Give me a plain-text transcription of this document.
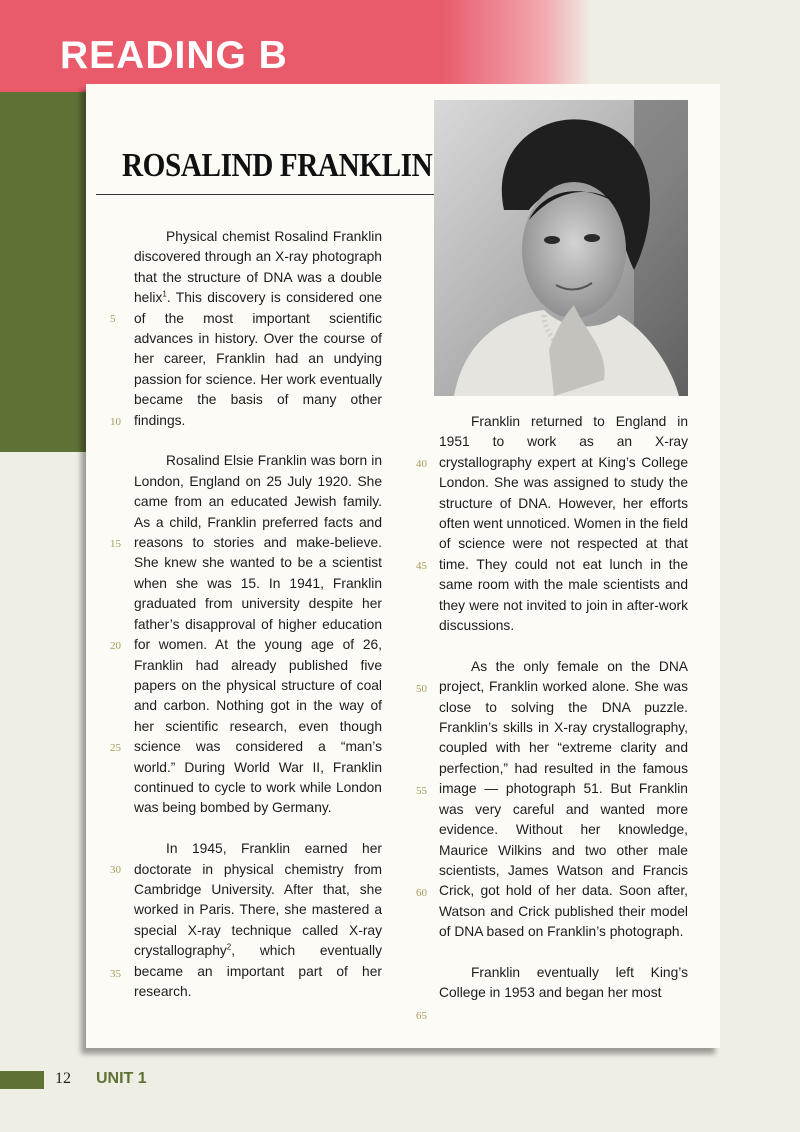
READING B
ROSALIND FRANKLIN

Physical chemist Rosalind Franklin discovered through an X-ray photograph that the structure of DNA was a double helix$^1$. This discovery is considered one of the most important scientific advances in history. Over the course of her career, Franklin had an undying passion for science. Her work eventually became the basis of many other findings.

Rosalind Elsie Franklin was born in London, England on 25 July 1920. She came from an educated Jewish family. As a child, Franklin preferred facts and reasons to stories and make-believe. She knew she wanted to be a scientist when she was 15. In 1941, Franklin graduated from university despite her father’s disapproval of higher education for women. At the young age of 26, Franklin had already published five papers on the physical structure of coal and carbon. Nothing got in the way of her scientific research, even though science was considered a “man’s world.” During World War II, Franklin continued to cycle to work while London was being bombed by Germany.

In 1945, Franklin earned her doctorate in physical chemistry from Cambridge University. After that, she worked in Paris. There, she mastered a special X-ray technique called X-ray crystallography$^2$, which eventually became an important part of her research.

Franklin returned to England in 1951 to work as an X-ray crystallography expert at King’s College London. She was assigned to study the structure of DNA. However, her efforts often went unnoticed. Women in the field of science were not respected at that time. They could not eat lunch in the same room with the male scientists and they were not invited to join in after-work discussions.

As the only female on the DNA project, Franklin worked alone. She was close to solving the DNA puzzle. Franklin’s skills in X-ray crystallography, coupled with her “extreme clarity and perfection,” had resulted in the famous image — photograph 51. But Franklin was very careful and wanted more evidence. Without her knowledge, Maurice Wilkins and two other male scientists, James Watson and Francis Crick, got hold of her data. Soon after, Watson and Crick published their model of DNA based on Franklin’s photograph.

Franklin eventually left King’s College in 1953 and began her most

5
10
15
20
25
30
35
40
45
50
55
60
65
12 UNIT 1
